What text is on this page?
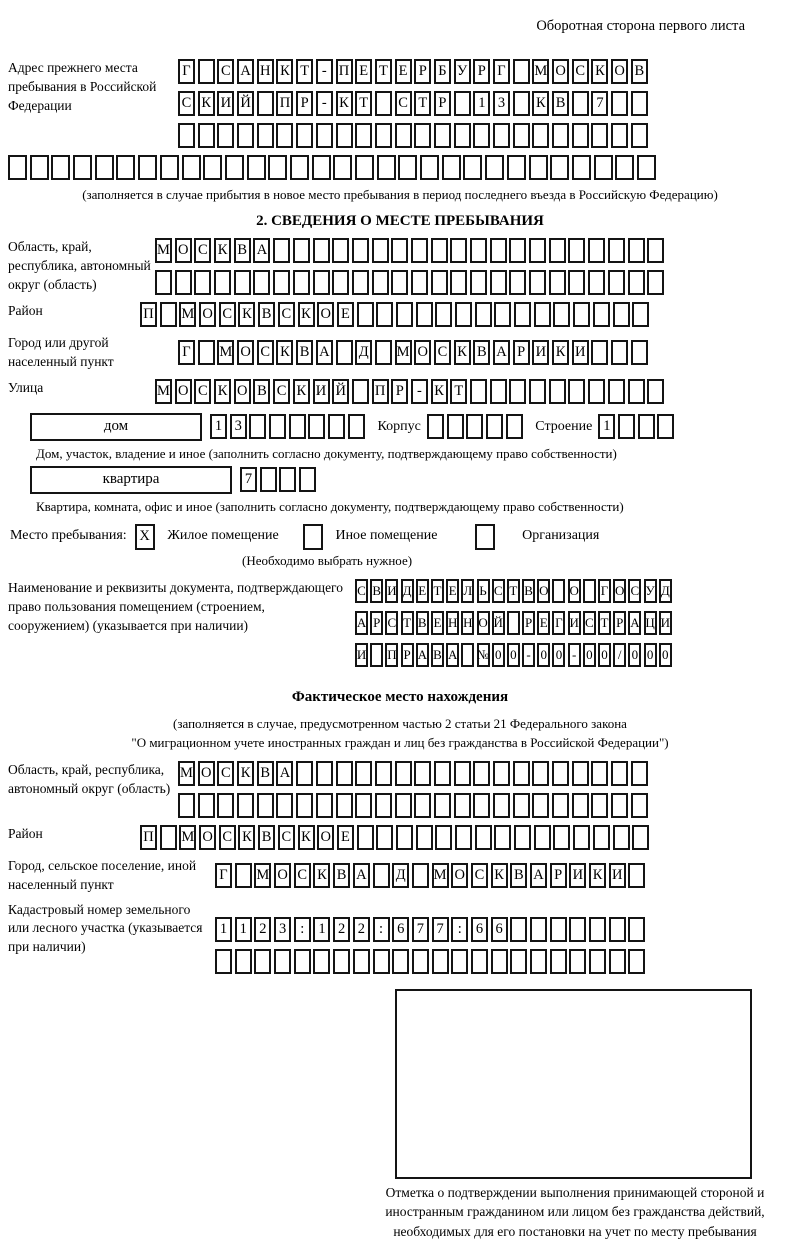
Оборотная сторона первого листа
Адрес прежнего места пребывания в Российской Федерации
Г С А Н К Т - П Е Т Е Р Б У Р Г М О С К О В
С К И Й П Р - К Т С Т Р	1 3	К В	7
(заполняется в случае прибытия в новое место пребывания в период последнего въезда в Российскую Федерацию)
2. СВЕДЕНИЯ О МЕСТЕ ПРЕБЫВАНИЯ
Область, край, республика, автономный округ (область)
М О С К В А
Район	П М О С К В С К О Е
Город или другой населенный пункт
Г М О С К В А Д М О С К В А Р И К И
Улица	М О С К О В С К И Й П Р - К Т
дом	1 3	Корпус	Строение 1
Дом, участок, владение и иное (заполнить согласно документу, подтверждающему право собственности)
квартира	7
Квартира, комната, офис и иное (заполнить согласно документу, подтверждающему право собственности)
Место пребывания: X	Жилое помещение	Иное помещение	Организация
(Необходимо выбрать нужное)
Наименование и реквизиты документа, подтверждающего право пользования помещением (строением, сооружением) (указывается при наличии)
С В И Д Е Т Е Л Ь С Т В О О Г О С У Д
А Р С Т В Е Н Н О Й Р Е Г И С Т Р А Ц И
И П Р А В А № 0 0 - 0 0 - 0 0 / 0 0 0
Фактическое место нахождения
(заполняется в случае, предусмотренном частью 2 статьи 21 Федерального закона
"О миграционном учете иностранных граждан и лиц без гражданства в Российской Федерации")
Область, край, республика, автономный округ (область)
М О С К В А
Район	П М О С К В С К О Е
Город, сельское поселение, иной населенный пункт
Г М О С К В А Д М О С К В А Р И К И
Кадастровый номер земельного или лесного участка (указывается при наличии)
1 1 2 3 : 1 2 2 : 6 7 7 : 6 6
Отметка о подтверждении выполнения принимающей стороной и иностранным гражданином или лицом без гражданства действий, необходимых для его постановки на учет по месту пребывания
